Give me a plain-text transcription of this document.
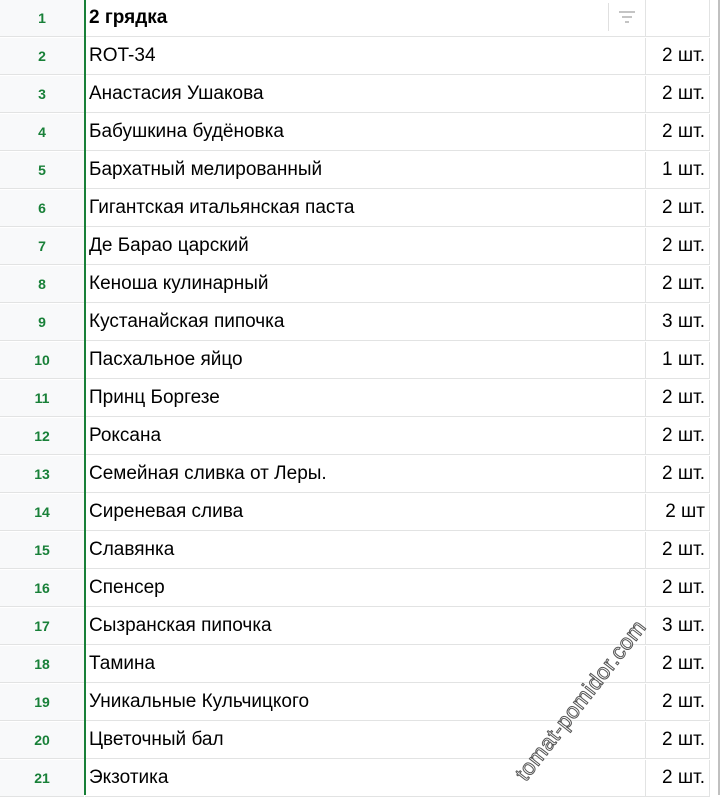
1	2 грядка
2	ROT-34	2 шт.
3	Анастасия Ушакова	2 шт.
4	Бабушкина будёновка	2 шт.
5	Бархатный мелированный	1 шт.
6	Гигантская итальянская паста	2 шт.
7	Де Барао царский	2 шт.
8	Кеноша кулинарный	2 шт.
9	Кустанайская пипочка	3 шт.
10	Пасхальное яйцо	1 шт.
11	Принц Боргезе	2 шт.
12	Роксана	2 шт.
13	Семейная сливка от Леры.	2 шт.
14	Сиреневая слива	2 шт
15	Славянка	2 шт.
16	Спенсер	2 шт.
17	Сызранская пипочка	3 шт.
18	Тамина	2 шт.
19	Уникальные Кульчицкого	2 шт.
20	Цветочный бал	2 шт.
21	Экзотика	2 шт.
tomat-pomidor.com
